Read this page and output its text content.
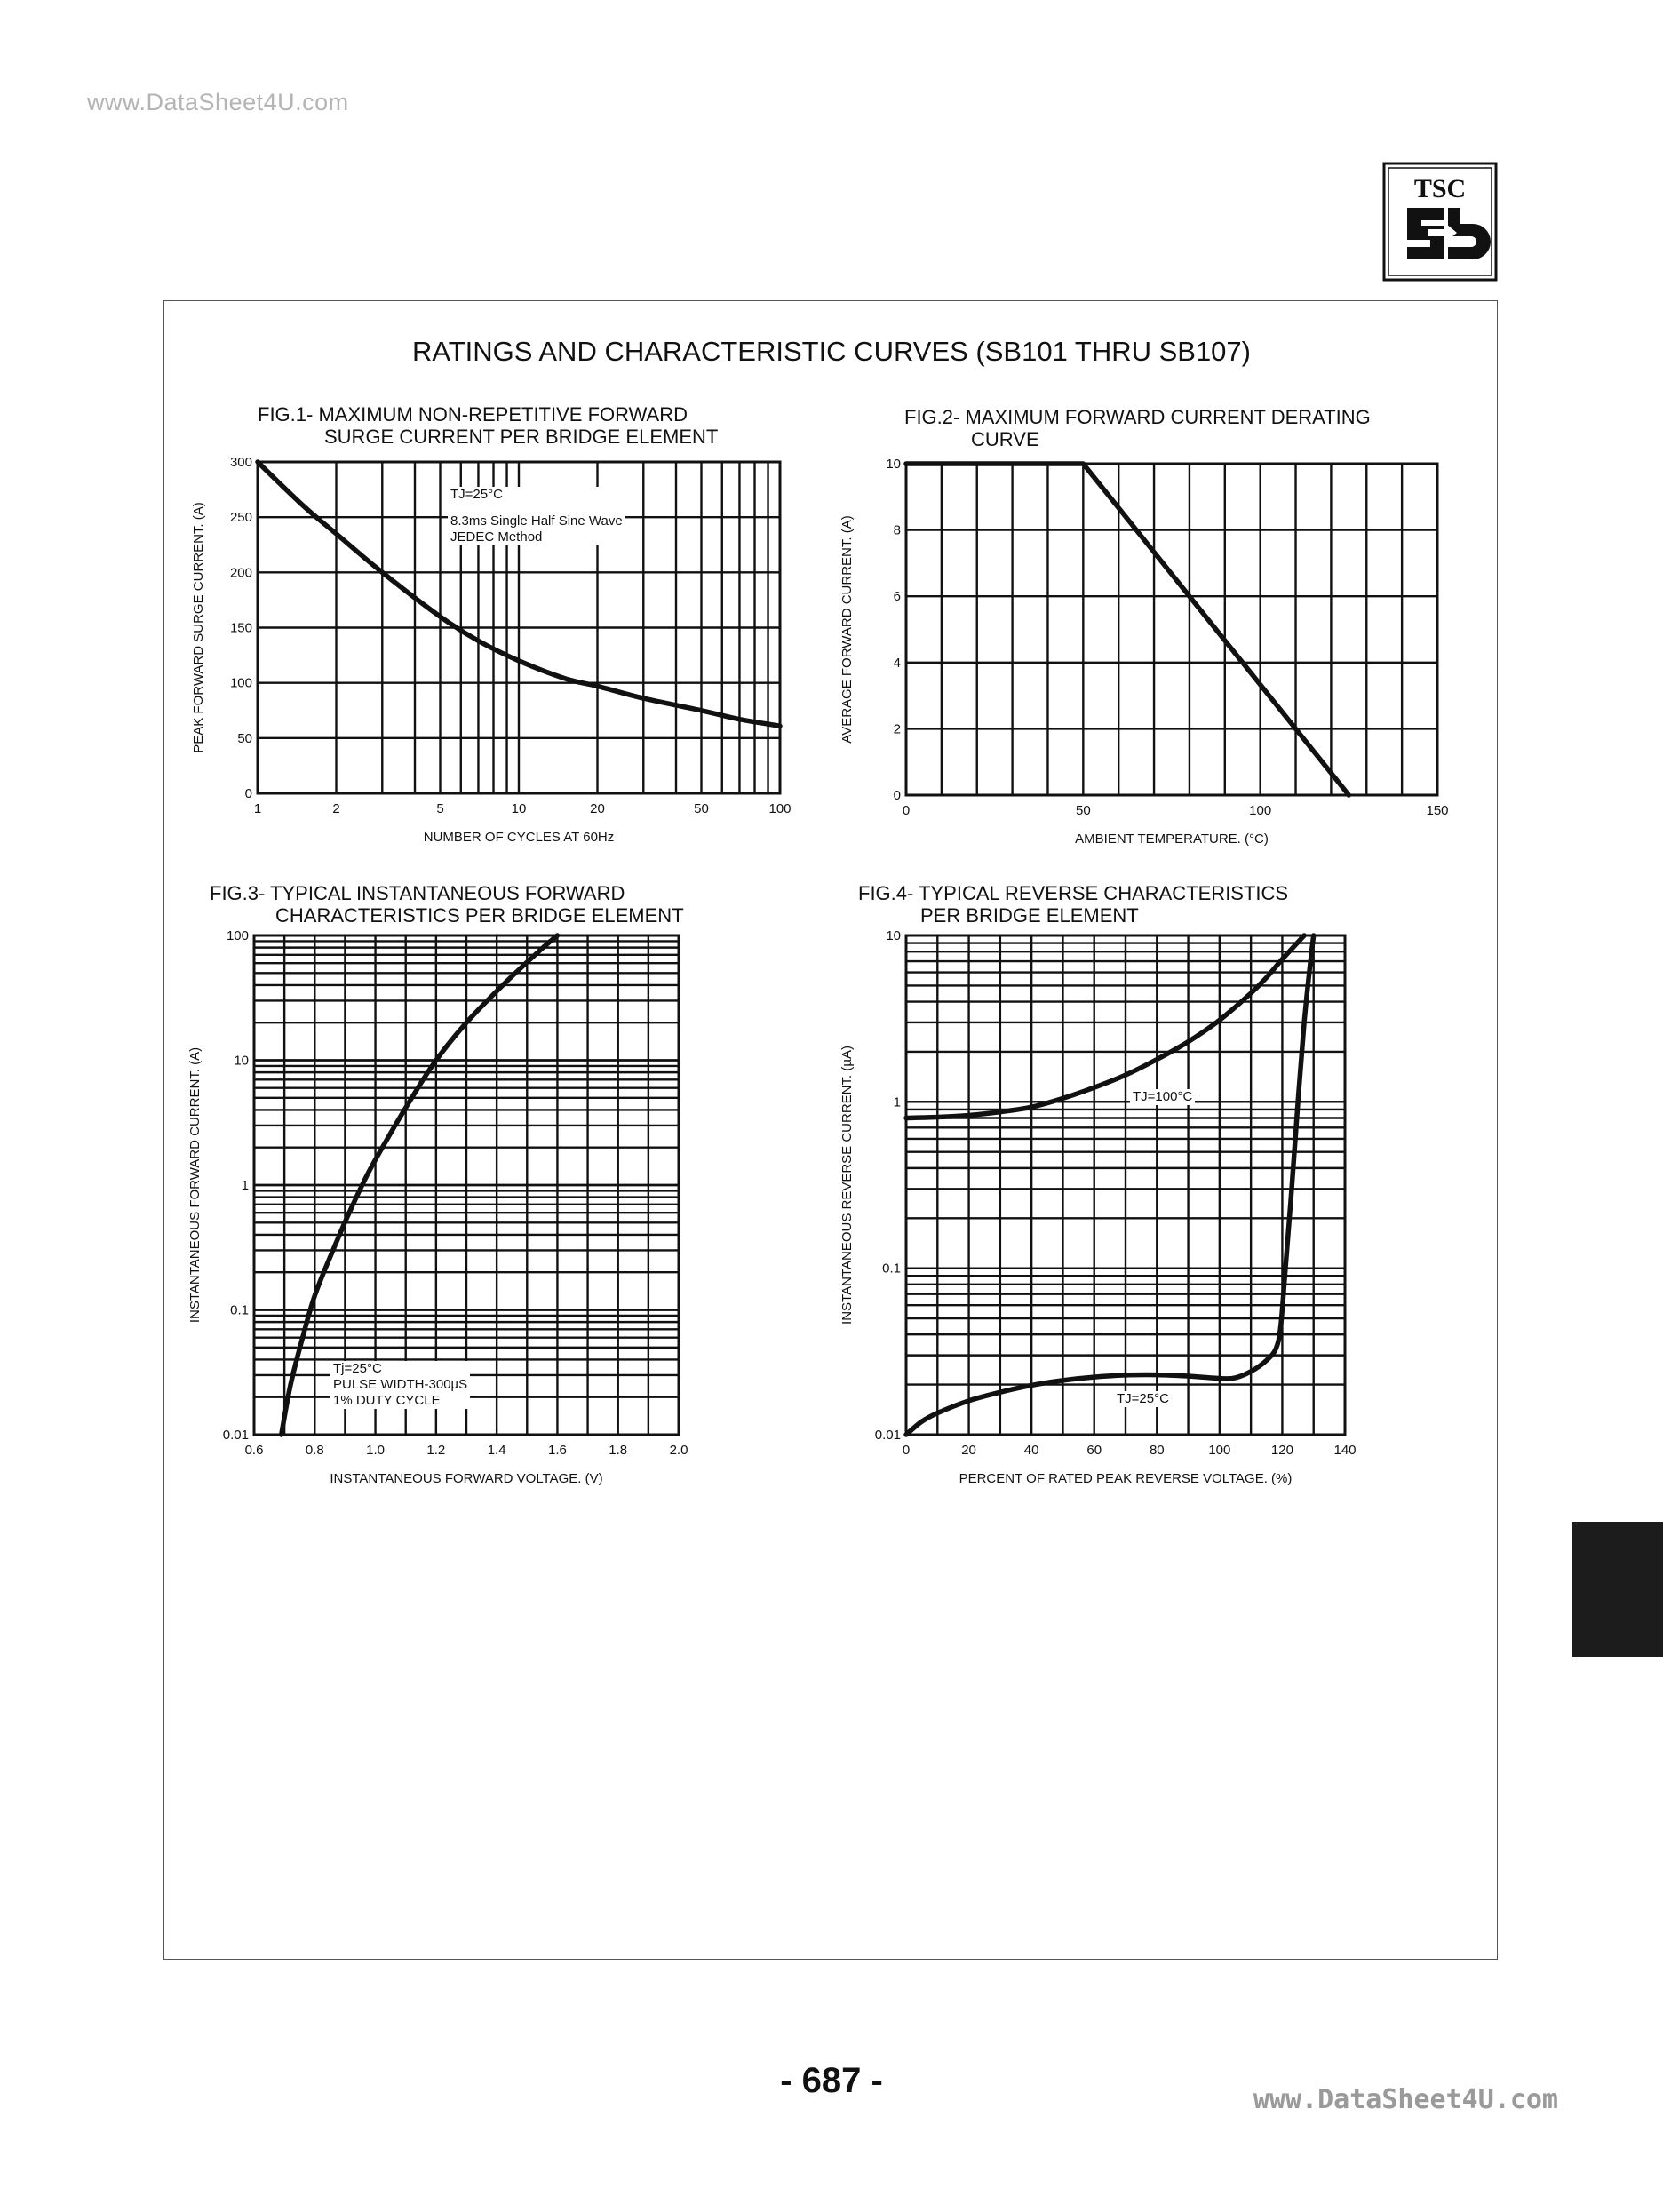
www.DataSheet4U.com
TSC
RATINGS AND CHARACTERISTIC CURVES (SB101 THRU SB107)
FIG.1- MAXIMUM NON-REPETITIVE FORWARD
SURGE CURRENT PER BRIDGE ELEMENT
1	2	5	10	20	50	100
0
50
100
150
200
250
300
NUMBER OF CYCLES AT 60Hz
PEAK FORWARD SURGE CURRENT. (A)
TJ=25°C
8.3ms Single Half Sine Wave
JEDEC Method
FIG.2- MAXIMUM FORWARD CURRENT DERATING
CURVE
0	50	100	150
0
2
4
6
8
10
AMBIENT TEMPERATURE. (°C)
AVERAGE FORWARD CURRENT. (A)
FIG.3- TYPICAL INSTANTANEOUS FORWARD
CHARACTERISTICS PER BRIDGE ELEMENT
0.6	0.8	1.0	1.2	1.4	1.6	1.8	2.0
0.01
0.1
1
10
100
INSTANTANEOUS FORWARD VOLTAGE. (V)
INSTANTANEOUS FORWARD CURRENT. (A)
Tj=25°C
PULSE WIDTH-300µS
1% DUTY CYCLE
FIG.4- TYPICAL REVERSE CHARACTERISTICS
PER BRIDGE ELEMENT
0	20	40	60	80	100	120	140
0.01
0.1
1
10
PERCENT OF RATED PEAK REVERSE VOLTAGE. (%)
INSTANTANEOUS REVERSE CURRENT. (µA)	TJ=100°C
TJ=25°C
- 687 -	www.DataSheet4U.com
